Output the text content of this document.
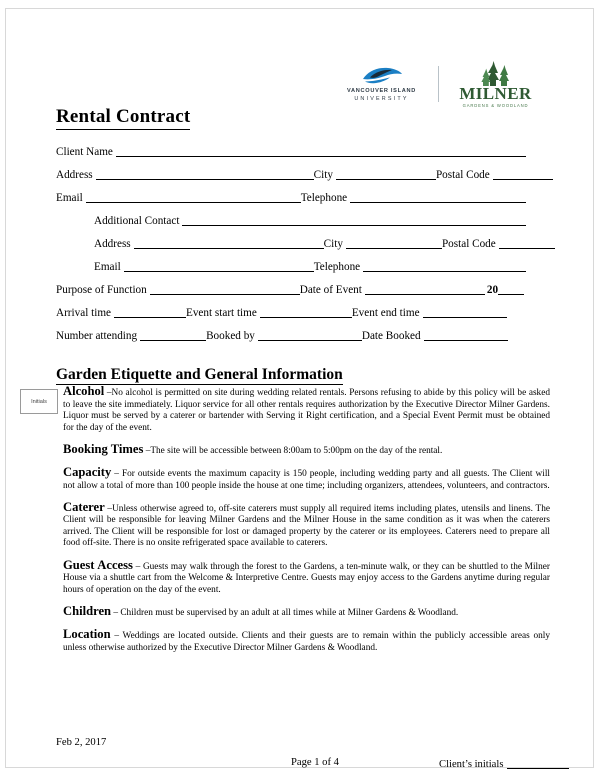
VANCOUVER ISLAND
UNIVERSITY	MILNER
GARDENS & WOODLAND
Rental Contract
Client Name
Address	City	Postal Code
Email	Telephone
Additional Contact
Address	City	Postal Code
Email	Telephone
Purpose of Function	Date of Event	20
Arrival time	Event start time	Event end time
Number attending	Booked by	Date Booked
Garden Etiquette and General Information
Initials
Alcohol –No alcohol is permitted on site during wedding related rentals. Persons refusing to abide by this policy will be asked to leave the site immediately. Liquor service for all other rentals requires authorization by the Executive Director Milner Gardens. Liquor must be served by a caterer or bartender with Serving it Right certification, and a Special Event Permit must be obtained for the day of the event.
Booking Times –The site will be accessible between 8:00am to 5:00pm on the day of the rental.
Capacity – For outside events the maximum capacity is 150 people, including wedding party and all guests. The Client will not allow a total of more than 100 people inside the house at one time; including organizers, attendees, volunteers, and contractors.
Caterer –Unless otherwise agreed to, off-site caterers must supply all required items including plates, utensils and linens. The Client will be responsible for leaving Milner Gardens and the Milner House in the same condition as it was when the caterers arrived. The Client will be responsible for lost or damaged property by the caterer or its employees. Caterers need to prepare all food off-site. There is no onsite refrigerated space available to caterers.
Guest Access – Guests may walk through the forest to the Gardens, a ten-minute walk, or they can be shuttled to the Milner House via a shuttle cart from the Welcome & Interpretive Centre. Guests may enjoy access to the Gardens anytime during regular hours of operation on the day of the event.
Children – Children must be supervised by an adult at all times while at Milner Gardens & Woodland.
Location – Weddings are located outside. Clients and their guests are to remain within the publicly accessible areas only unless otherwise authorized by the Executive Director Milner Gardens & Woodland.
Feb 2, 2017
Page 1 of 4	Client’s initials
